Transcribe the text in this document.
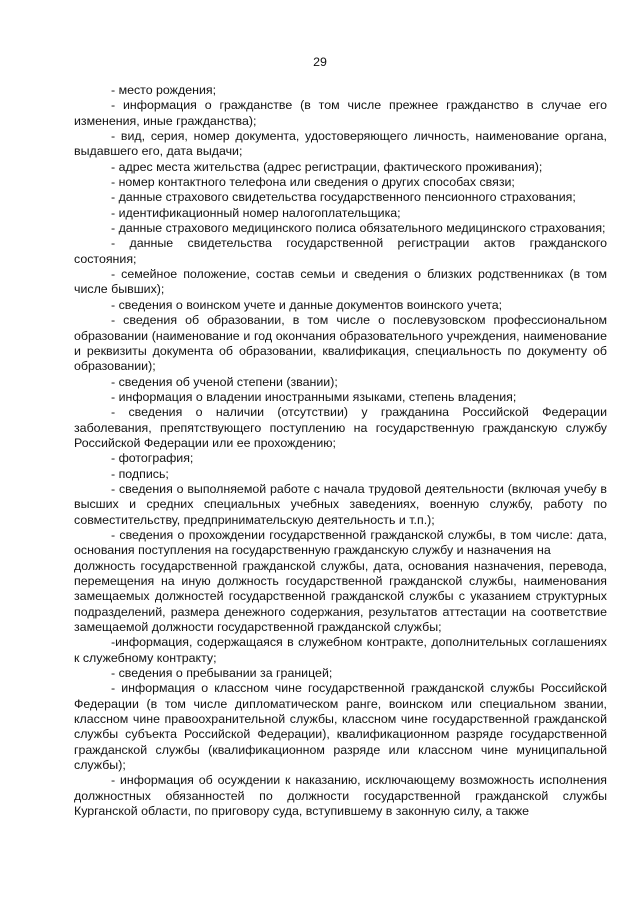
29

- место рождения;

- информация о гражданстве (в том числе прежнее гражданство в случае его изменения, иные гражданства);

- вид, серия, номер документа, удостоверяющего личность, наименование органа, выдавшего его, дата выдачи;

- адрес места жительства (адрес регистрации, фактического проживания);

- номер контактного телефона или сведения о других способах связи;

- данные страхового свидетельства государственного пенсионного страхования;

- идентификационный номер налогоплательщика;

- данные страхового медицинского полиса обязательного медицинского страхования;

- данные свидетельства государственной регистрации актов гражданского состояния;

- семейное положение, состав семьи и сведения о близких родственниках (в том числе бывших);

- сведения о воинском учете и данные документов воинского учета;

- сведения об образовании, в том числе о послевузовском профессиональном образовании (наименование и год окончания образовательного учреждения, наименование и реквизиты документа об образовании, квалификация, специальность по документу об образовании);

- сведения об ученой степени (звании);

- информация о владении иностранными языками, степень владения;

- сведения о наличии (отсутствии) у гражданина Российской Федерации заболевания, препятствующего поступлению на государственную гражданскую службу Российской Федерации или ее прохождению;

- фотография;

- подпись;

- сведения о выполняемой работе с начала трудовой деятельности (включая учебу в высших и средних специальных учебных заведениях, военную службу, работу по совместительству, предпринимательскую деятельность и т.п.);

- сведения о прохождении государственной гражданской службы, в том числе: дата, основания поступления на государственную гражданскую службу и назначения на

должность государственной гражданской службы, дата, основания назначения, перевода, перемещения на иную должность государственной гражданской службы, наименования замещаемых должностей государственной гражданской службы с указанием структурных подразделений, размера денежного содержания, результатов аттестации на соответствие замещаемой должности государственной гражданской службы;

-информация, содержащаяся в служебном контракте, дополнительных соглашениях к служебному контракту;

- сведения о пребывании за границей;

- информация о классном чине государственной гражданской службы Российской Федерации (в том числе дипломатическом ранге, воинском или специальном звании, классном чине правоохранительной службы, классном чине государственной гражданской службы субъекта Российской Федерации), квалификационном разряде государственной гражданской службы (квалификационном разряде или классном чине муниципальной службы);

- информация об осуждении к наказанию, исключающему возможность исполнения должностных обязанностей по должности государственной гражданской службы Курганской области, по приговору суда, вступившему в законную силу, а также
